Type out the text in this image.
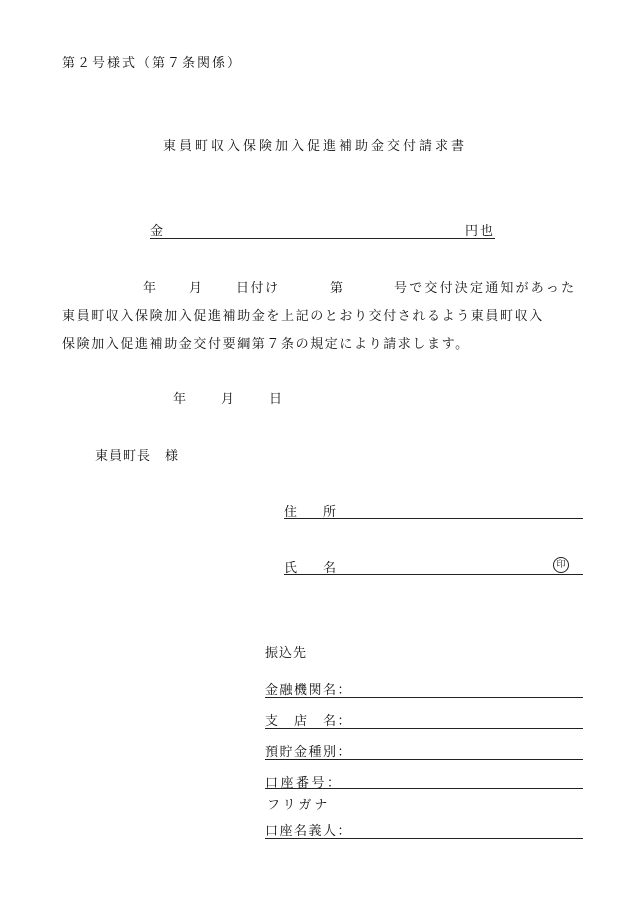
第２号様式（第７条関係）
東員町収入保険加入促進補助金交付請求書
金	円也
年	月	日付け	第	号で交付決定通知があった
東員町収入保険加入促進補助金を上記のとおり交付されるよう東員町収入
保険加入促進補助金交付要綱第７条の規定により請求します。
年	月	日
東員町長　様
住　　所
氏　　名	印
振込先
金融機関名：
支　店　名：
預貯金種別：
口座番号：
フリガナ
口座名義人：
